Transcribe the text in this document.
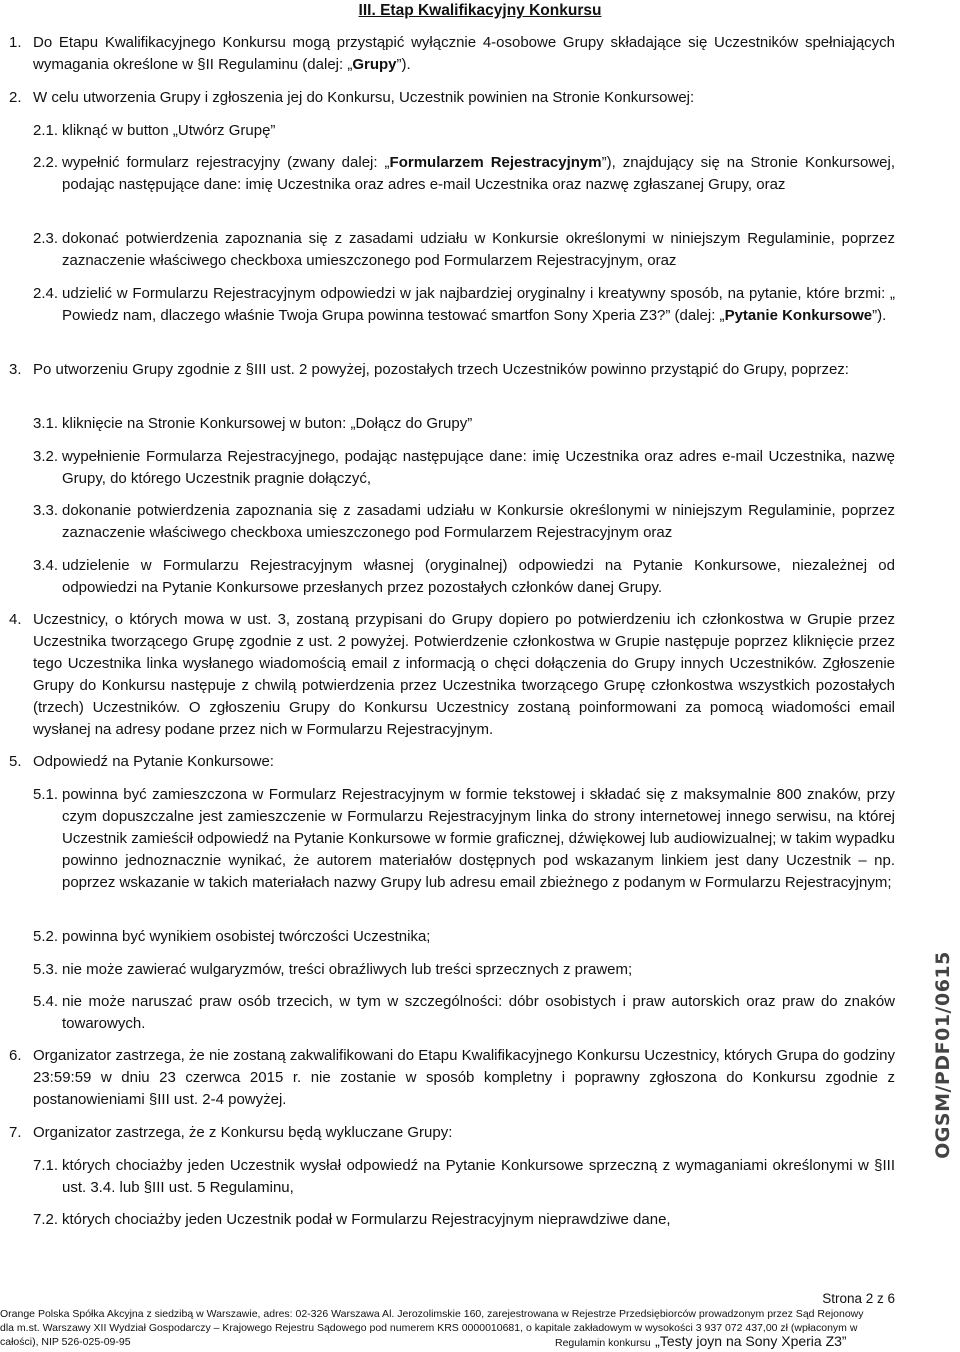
III. Etap Kwalifikacyjny Konkursu
1. Do Etapu Kwalifikacyjnego Konkursu mogą przystąpić wyłącznie 4-osobowe Grupy składające się Uczestników spełniających wymagania określone w §II Regulaminu (dalej: „Grupy”).
2. W celu utworzenia Grupy i zgłoszenia jej do Konkursu, Uczestnik powinien na Stronie Konkursowej:
2.1. kliknąć w button „Utwórz Grupę”
2.2. wypełnić formularz rejestracyjny (zwany dalej: „Formularzem Rejestracyjnym”), znajdujący się na Stronie Konkursowej, podając następujące dane: imię Uczestnika oraz adres e-mail Uczestnika oraz nazwę zgłaszanej Grupy, oraz
2.3. dokonać potwierdzenia zapoznania się z zasadami udziału w Konkursie określonymi w niniejszym Regulaminie, poprzez zaznaczenie właściwego checkboxa umieszczonego pod Formularzem Rejestracyjnym, oraz
2.4. udzielić w Formularzu Rejestracyjnym odpowiedzi w jak najbardziej oryginalny i kreatywny sposób, na pytanie, które brzmi: „ Powiedz nam, dlaczego właśnie Twoja Grupa powinna testować smartfon Sony Xperia Z3?” (dalej: „Pytanie Konkursowe”).
3. Po utworzeniu Grupy zgodnie z §III ust. 2 powyżej, pozostałych trzech Uczestników powinno przystąpić do Grupy, poprzez:
3.1. kliknięcie na Stronie Konkursowej w buton: „Dołącz do Grupy”
3.2. wypełnienie Formularza Rejestracyjnego, podając następujące dane: imię Uczestnika oraz adres e-mail Uczestnika, nazwę Grupy, do którego Uczestnik pragnie dołączyć,
3.3. dokonanie potwierdzenia zapoznania się z zasadami udziału w Konkursie określonymi w niniejszym Regulaminie, poprzez zaznaczenie właściwego checkboxa umieszczonego pod Formularzem Rejestracyjnym oraz
3.4. udzielenie w Formularzu Rejestracyjnym własnej (oryginalnej) odpowiedzi na Pytanie Konkursowe, niezależnej od odpowiedzi na Pytanie Konkursowe przesłanych przez pozostałych członków danej Grupy.
4. Uczestnicy, o których mowa w ust. 3, zostaną przypisani do Grupy dopiero po potwierdzeniu ich członkostwa w Grupie przez Uczestnika tworzącego Grupę zgodnie z ust. 2 powyżej. Potwierdzenie członkostwa w Grupie następuje poprzez kliknięcie przez tego Uczestnika linka wysłanego wiadomością email z informacją o chęci dołączenia do Grupy innych Uczestników. Zgłoszenie Grupy do Konkursu następuje z chwilą potwierdzenia przez Uczestnika tworzącego Grupę członkostwa wszystkich pozostałych (trzech) Uczestników. O zgłoszeniu Grupy do Konkursu Uczestnicy zostaną poinformowani za pomocą wiadomości email wysłanej na adresy podane przez nich w Formularzu Rejestracyjnym.
5. Odpowiedź na Pytanie Konkursowe:
5.1. powinna być zamieszczona w Formularz Rejestracyjnym w formie tekstowej i składać się z maksymalnie 800 znaków, przy czym dopuszczalne jest zamieszczenie w Formularzu Rejestracyjnym linka do strony internetowej innego serwisu, na której Uczestnik zamieścił odpowiedź na Pytanie Konkursowe w formie graficznej, dźwiękowej lub audiowizualnej; w takim wypadku powinno jednoznacznie wynikać, że autorem materiałów dostępnych pod wskazanym linkiem jest dany Uczestnik – np. poprzez wskazanie w takich materiałach nazwy Grupy lub adresu email zbieżnego z podanym w Formularzu Rejestracyjnym;
5.2. powinna być wynikiem osobistej twórczości Uczestnika;
5.3. nie może zawierać wulgaryzmów, treści obraźliwych lub treści sprzecznych z prawem;
5.4. nie może naruszać praw osób trzecich, w tym w szczególności: dóbr osobistych i praw autorskich oraz praw do znaków towarowych.
6. Organizator zastrzega, że nie zostaną zakwalifikowani do Etapu Kwalifikacyjnego Konkursu Uczestnicy, których Grupa do godziny 23:59:59 w dniu 23 czerwca 2015 r. nie zostanie w sposób kompletny i poprawny zgłoszona do Konkursu zgodnie z postanowieniami §III ust. 2-4 powyżej.
7. Organizator zastrzega, że z Konkursu będą wykluczane Grupy:
7.1. których chociażby jeden Uczestnik wysłał odpowiedź na Pytanie Konkursowe sprzeczną z wymaganiami określonymi w §III ust. 3.4. lub §III ust. 5 Regulaminu,
7.2. których chociażby jeden Uczestnik podał w Formularzu Rejestracyjnym nieprawdziwe dane,
OGSM/PDF01/0615
Strona 2 z 6
Orange Polska Spółka Akcyjna z siedzibą w Warszawie, adres: 02-326 Warszawa Al. Jerozolimskie 160, zarejestrowana w Rejestrze Przedsiębiorców prowadzonym przez Sąd Rejonowy
dla m.st. Warszawy XII Wydział Gospodarczy – Krajowego Rejestru Sądowego pod numerem KRS 0000010681, o kapitale zakładowym w wysokości 3 937 072 437,00 zł (wpłaconym w
całości), NIP 526-025-09-95	Regulamin konkursu „Testy joyn na Sony Xperia Z3”
